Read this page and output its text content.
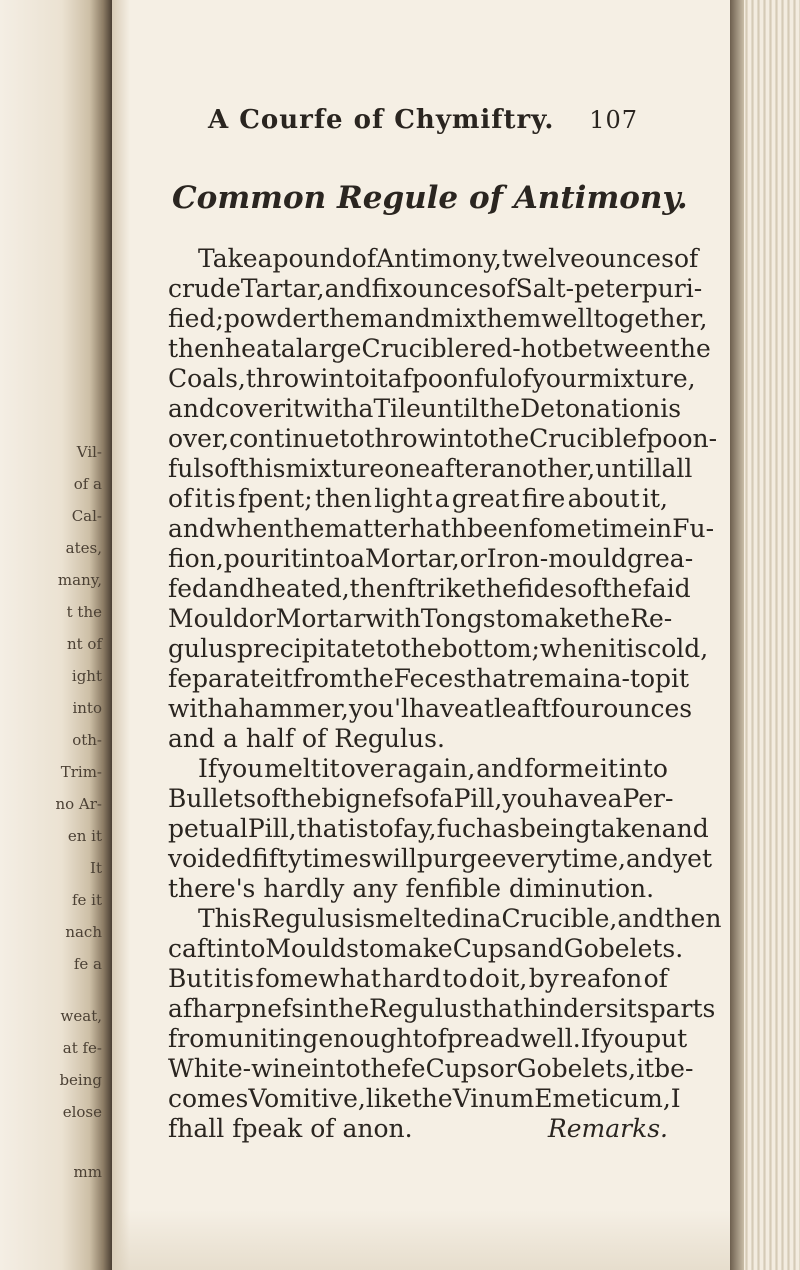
Vil-

of a

Cal-

ates,

many,

t the

nt of

ight

into

oth-

Trim-

no Ar-

en it

It

fe it

nach

fe a

weat,

at fe-

being

elose

mm

A Courfe of Chymiftry. 107
Common Regule of Antimony.
Take a pound of Antimony, twelve ounces of
crude Tartar, and fix ounces of Salt-peter puri-
fied; powder them and mix them well together,
then heat a large Crucible red-hot between the
Coals, throw into it a fpoonful of your mixture,
and cover it with a Tile until the Detonation is
over, continue to throw into the Crucible fpoon-
fuls of this mixture one after another, untill all
of it is fpent; then light a great fire about it,
and when the matter hath been fome time in Fu-
fion, pour it into a Mortar, or Iron-mould grea-
fed and heated, then ftrike the fides of the faid
Mould or Mortar with Tongs to make the Re-
gulus precipitate to the bottom; when it is cold,
feparate it from the Feces that remain a-top it
with a hammer, you'l have at leaft four ounces
and a half of Regulus.
If you melt it over again, and forme it into
Bullets of the bignefs of a Pill, you have a Per-
petual Pill, that is to fay, fuch as being taken and
voided fifty times will purge every time, and yet
there's hardly any fenfible diminution.
This Regulus is melted in a Crucible, and then
caft into Moulds to make Cups and Gobelets.
But it is fomewhat hard to do it, by reafon of
a fharpnefs in the Regulus that hinders its parts
from uniting enough to fpread well. If you put
White-wine into thefe Cups or Gobelets, it be-
comes Vomitive, like the Vinum Emeticum, I
fhall fpeak of anon.	Remarks.
